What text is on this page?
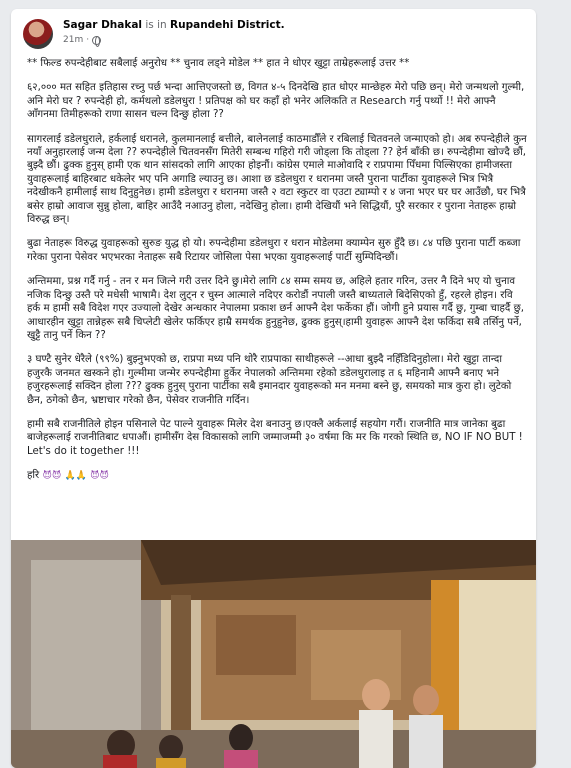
Sagar Dhakal is in Rupandehi District.
21m ·

** फिल्ड रुपन्देहीबाट सबैलाई अनुरोध ** चुनाव लड्ने मोडेल ** हात ने धोएर खुट्टा ताम्रेहरूलाई उत्तर **

६२,००० मत सहित इतिहास रच्नु पर्छ भन्दा आत्तिएजस्तो छ, विगत ४-५ दिनदेखि हात धोएर मान्छेहरु मेरो पछि छन्। मेरो जन्मथलो गुल्मी, अनि मेरो घर ? रुपन्देही हो, कर्मथलो डडेलधुरा ! प्रतिपक्ष को घर कहाँ हो भनेर अलिकति त Research गर्नु पर्थ्यो !! मेरो आफ्नै आँगनमा तिमीहरूको राणा सासन चल्न दिन्छु होला ??

सागरलाई डडेलधुराले, हर्कलाई धरानले, कुलमानलाई बत्तीले, बालेनलाई काठमाडौँले र रबिलाई चितवनले जन्माएको हो। अब रुपन्देहीले कुन नयाँ अनुहारलाई जन्म देला ?? रुपन्देहीले चितवनसँग मितेरी सम्बन्ध गहिरो गरी जोड्ला कि तोड्ला ?? हेर्न बाँकी छ। रुपन्देहीमा खोज्दै छौं, बुझ्दै छौं। ढुक्क हुनुस् हामी एक थान सांसदको लागि आएका होइनौं। कांग्रेस एमाले माओवादि र राप्रपामा पिँधमा पिल्सिएका हामीजस्ता युवाहरूलाई बाहिरबाट धकेलेर भए पनि अगाडि ल्याउनु छ। आशा छ डडेलधुरा र धरानमा जस्तै पुराना पार्टीका युवाहरूले भित्र भित्रै नदेखीकनै हामीलाई साथ दिनुहुनेछ। हामी डडेलधुरा र धरानमा जस्तै २ वटा स्कुटर वा एउटा ट्याम्पो र ४ जना भएर घर घर आउँछौ, घर भित्रै बसेर हाम्रो आवाज सुन्नु होला, बाहिर आउँदै नआउनु होला, नदेखिनु होला। हामी देखियौं भने सिद्धियौं, पुरै सरकार र पुराना नेताहरू हाम्रो विरुद्ध छन्।

बुढा नेताहरू विरुद्ध युवाहरूको सुरुङ युद्ध हो यो। रुपन्देहीमा डडेलधुरा र धरान मोडेलमा क्याम्पेन सुरु हुँदै छ। ८४ पछि पुराना पार्टी कब्जा गरेका पुराना पेसेवर भएभरका नेताहरू सबै रिटायर जोसिला पेसा भएका युवाहरूलाई पार्टी सुम्पिदिन्छौं।

अन्तिममा, प्रश्न गर्दै गर्नु - तन र मन जित्ने गरी उत्तर दिने छु।मेरो लागि ८४ सम्म समय छ, अहिले हतार गरिन, उत्तर नै दिने भए यो चुनाव नजिक दिन्छु उस्तै परे मधेसी भाषामै। देश लुट्न र चुस्न आत्माले नदिएर करोडौं नपाली जस्तै बाध्यताले बिदेसिएको हुँ, रहरले होइन। रवि हर्क म हामी सबै विदेश गएर उज्यालो देखेर अन्धकार नेपालमा प्रकाश छर्न आफ्नै देश फर्केका हौं। जोगी हुने प्रयास गर्दै छु, गुम्बा चाहर्दै छु, आधारहीन खुट्टा तान्नेहरू सबै चिप्लेटी खेलेर फर्किएर हाम्रै समर्थक हुनुहुनेछ, ढुक्क हुनुस्।हामी युवाहरू आफ्नै देश फर्किदा सबै तर्सिनु पर्ने, खुट्टै तानु पर्ने किन ??

३ घण्टै सुनेर धेरैले (९९%) बुझ्नुभएको छ, राप्रपा मध्य पनि थोरै राप्रपाका साथीहरूले --आधा बुझ्दै नहिँडिदिनुहोला। मेरो खुट्टा तान्दा हजुरकै जनमत खस्कने हो। गुल्मीमा जन्मेर रुपन्देहीमा हुर्केर नेपालको अन्तिममा रहेको डडेलधुरालाइ त ६ महिनामै आफ्नै बनाए भने हजुरहरूलाई सक्दिन होला ??? ढुक्क हुनुस् पुराना पार्टीका सबै इमानदार युवाहरूको मन मनमा बस्ने छु, समयको मात्र कुरा हो। लुटेको छैन, ठगेको छैन, भ्रष्टाचार गरेको छैन, पेसेवर राजनीति गर्दिन।

हामी सबै राजनीतिले होइन पसिनाले पेट पाल्ने युवाहरू मिलेर देश बनाउनु छ।एक्लै अर्कलाई सहयोग गरौं। राजनीति मात्र जानेका बुढा बाजेहरूलाई राजनीतिबाट धपाऔं। हामीसँग देस विकासको लागि जम्माजम्मी ३० वर्षमा कि मर कि गरको स्थिति छ, NO IF NO BUT ! Let's do it together !!!

हरि 😈😈 🙏🙏 😈😈
